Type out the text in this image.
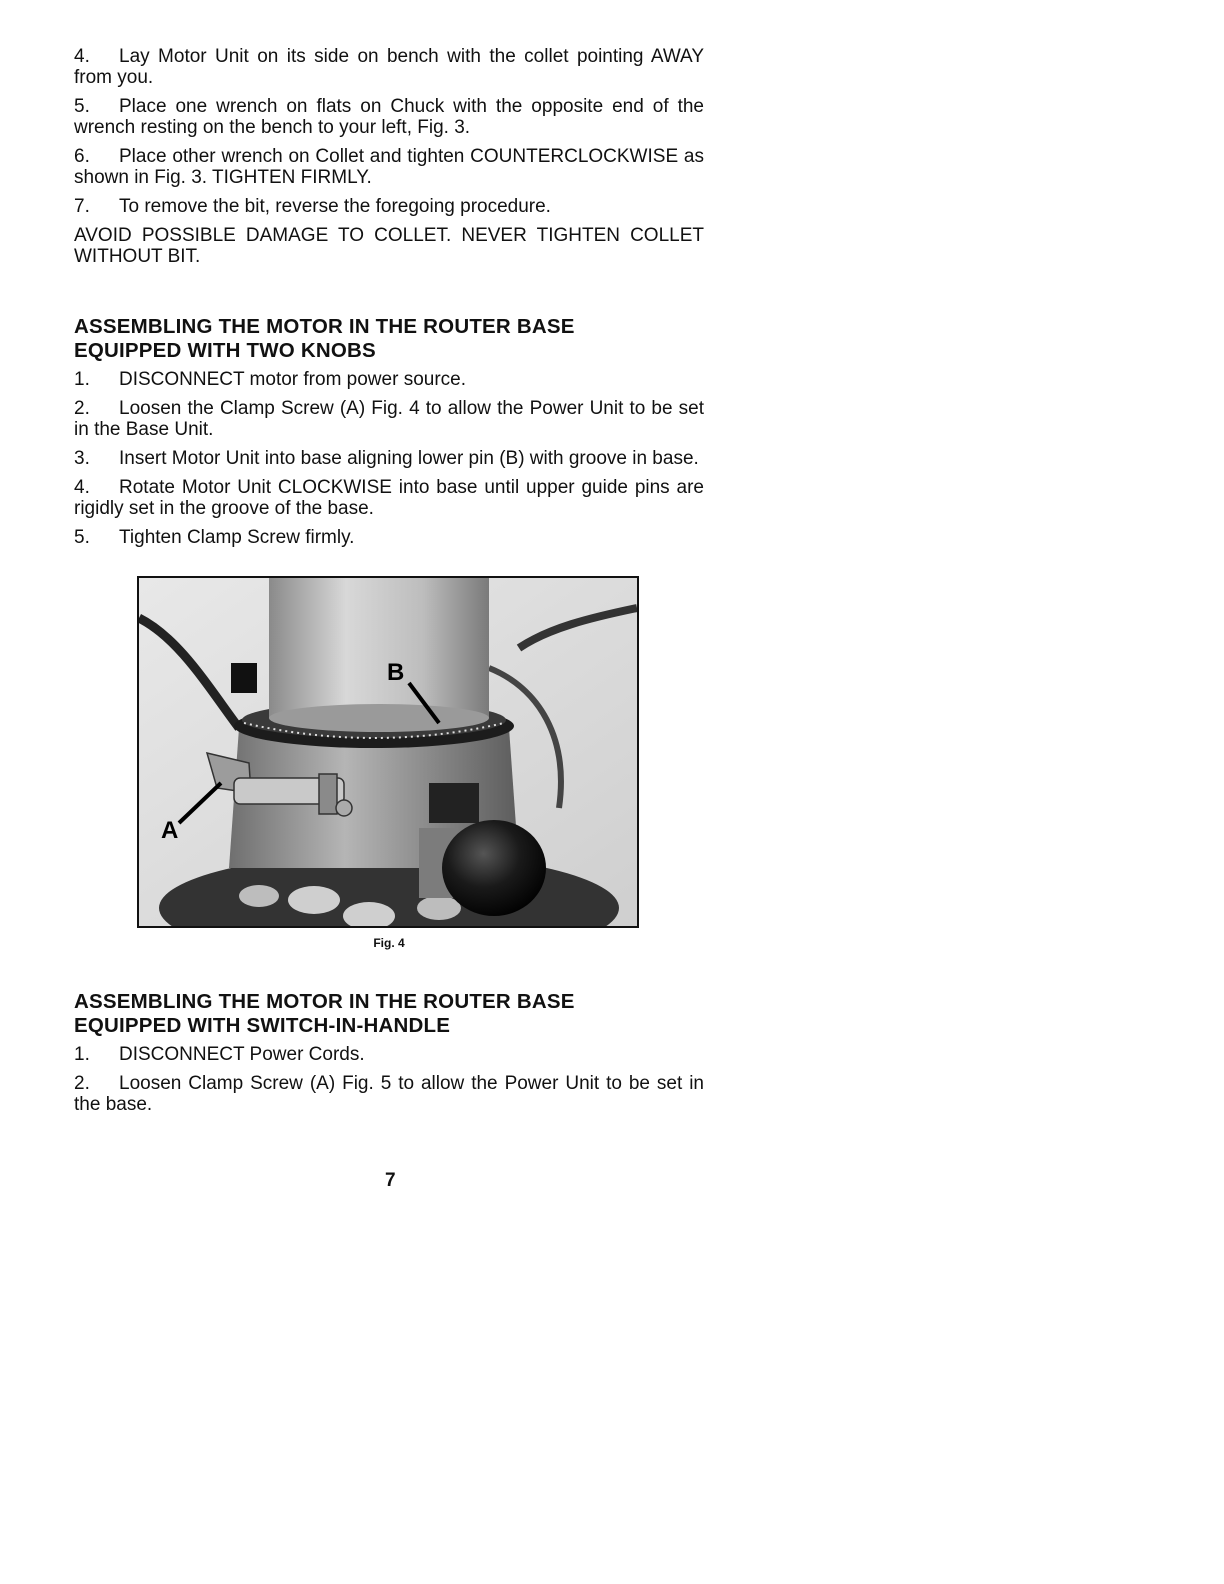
4. Lay Motor Unit on its side on bench with the collet pointing AWAY from you.

5. Place one wrench on flats on Chuck with the opposite end of the wrench resting on the bench to your left, Fig. 3.

6. Place other wrench on Collet and tighten COUNTERCLOCKWISE as shown in Fig. 3. TIGHTEN FIRMLY.

7. To remove the bit, reverse the foregoing procedure.

AVOID POSSIBLE DAMAGE TO COLLET. NEVER TIGHTEN COLLET WITHOUT BIT.

ASSEMBLING THE MOTOR IN THE ROUTER BASE
EQUIPPED WITH TWO KNOBS

1. DISCONNECT motor from power source.

2. Loosen the Clamp Screw (A) Fig. 4 to allow the Power Unit to be set in the Base Unit.

3. Insert Motor Unit into base aligning lower pin (B) with groove in base.

4. Rotate Motor Unit CLOCKWISE into base until upper guide pins are rigidly set in the groove of the base.

5. Tighten Clamp Screw firmly.

B
A
Fig. 4
ASSEMBLING THE MOTOR IN THE ROUTER BASE
EQUIPPED WITH SWITCH-IN-HANDLE

1. DISCONNECT Power Cords.

2. Loosen Clamp Screw (A) Fig. 5 to allow the Power Unit to be set in the base.

7
